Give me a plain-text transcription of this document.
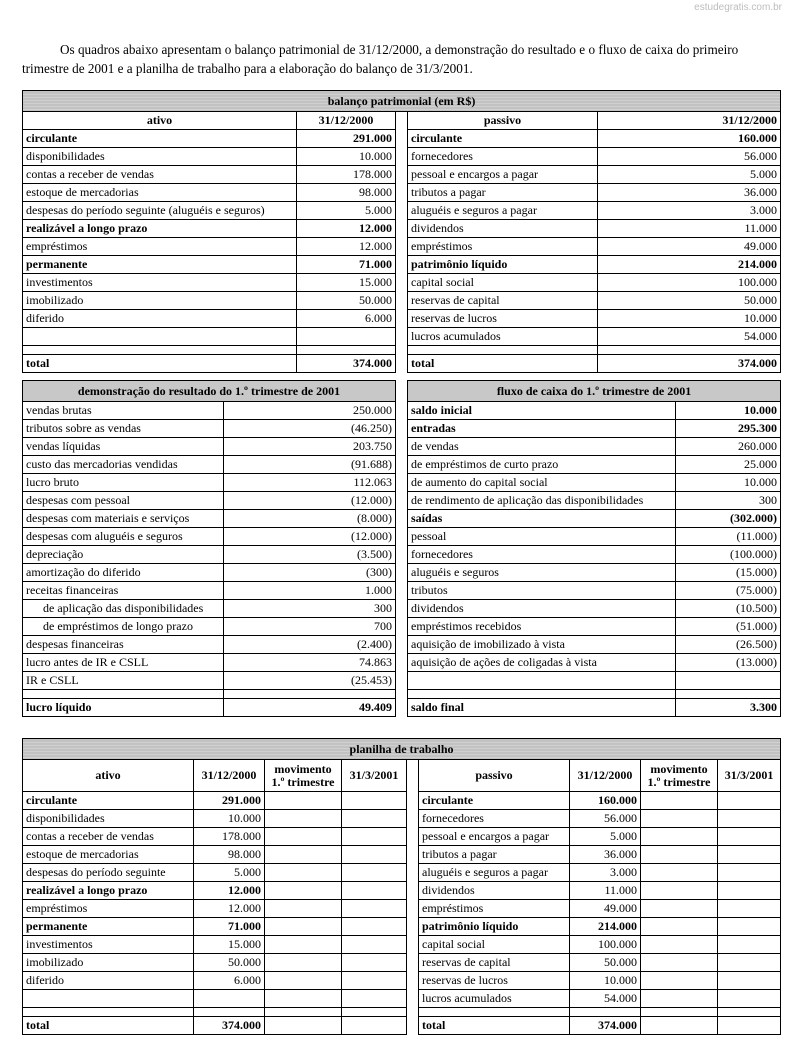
estudegratis.com.br
Os quadros abaixo apresentam o balanço patrimonial de 31/12/2000, a demonstração do resultado e o fluxo de caixa do primeiro
trimestre de 2001 e a planilha de trabalho para a elaboração do balanço de 31/3/2001.
balanço patrimonial (em R$)				
ativo	31/12/2000		passivo	31/12/2000
circulante	291.000		circulante	160.000
disponibilidades	10.000		fornecedores	56.000
contas a receber de vendas	178.000		pessoal e encargos a pagar	5.000
estoque de mercadorias	98.000		tributos a pagar	36.000
despesas do período seguinte (aluguéis e seguros)	5.000		aluguéis e seguros a pagar	3.000
realizável a longo prazo	12.000		dividendos	11.000
empréstimos	12.000		empréstimos	49.000
permanente	71.000		patrimônio líquido	214.000
investimentos	15.000		capital social	100.000
imobilizado	50.000		reservas de capital	50.000
diferido	6.000		reservas de lucros	10.000
			lucros acumulados	54.000

total	374.000		total	374.000
demonstração do resultado do 1.º trimestre de 2001	
vendas brutas	250.000
tributos sobre as vendas	(46.250)
vendas líquidas	203.750
custo das mercadorias vendidas	(91.688)
lucro bruto	112.063
despesas com pessoal	(12.000)
despesas com materiais e serviços	(8.000)
despesas com aluguéis e seguros	(12.000)
depreciação	(3.500)
amortização do diferido	(300)
receitas financeiras	1.000
de aplicação das disponibilidades	300
de empréstimos de longo prazo	700
despesas financeiras	(2.400)
lucro antes de IR e CSLL	74.863
IR e CSLL	(25.453)

lucro líquido	49.409
fluxo de caixa do 1.º trimestre de 2001	
saldo inicial	10.000
entradas	295.300
de vendas	260.000
de empréstimos de curto prazo	25.000
de aumento do capital social	10.000
de rendimento de aplicação das disponibilidades	300
saídas	(302.000)
pessoal	(11.000)
fornecedores	(100.000)
aluguéis e seguros	(15.000)
tributos	(75.000)
dividendos	(10.500)
empréstimos recebidos	(51.000)
aquisição de imobilizado à vista	(26.500)
aquisição de ações de coligadas à vista	(13.000)

saldo final	3.300
planilha de trabalho								
ativo	31/12/2000	movimento 1.º trimestre	31/3/2001		passivo	31/12/2000	movimento 1.º trimestre	31/3/2001
circulante	291.000				circulante	160.000		
disponibilidades	10.000				fornecedores	56.000		
contas a receber de vendas	178.000				pessoal e encargos a pagar	5.000		
estoque de mercadorias	98.000				tributos a pagar	36.000		
despesas do período seguinte	5.000				aluguéis e seguros a pagar	3.000		
realizável a longo prazo	12.000				dividendos	11.000		
empréstimos	12.000				empréstimos	49.000		
permanente	71.000				patrimônio líquido	214.000		
investimentos	15.000				capital social	100.000		
imobilizado	50.000				reservas de capital	50.000		
diferido	6.000				reservas de lucros	10.000		
					lucros acumulados	54.000		

total	374.000				total	374.000		
